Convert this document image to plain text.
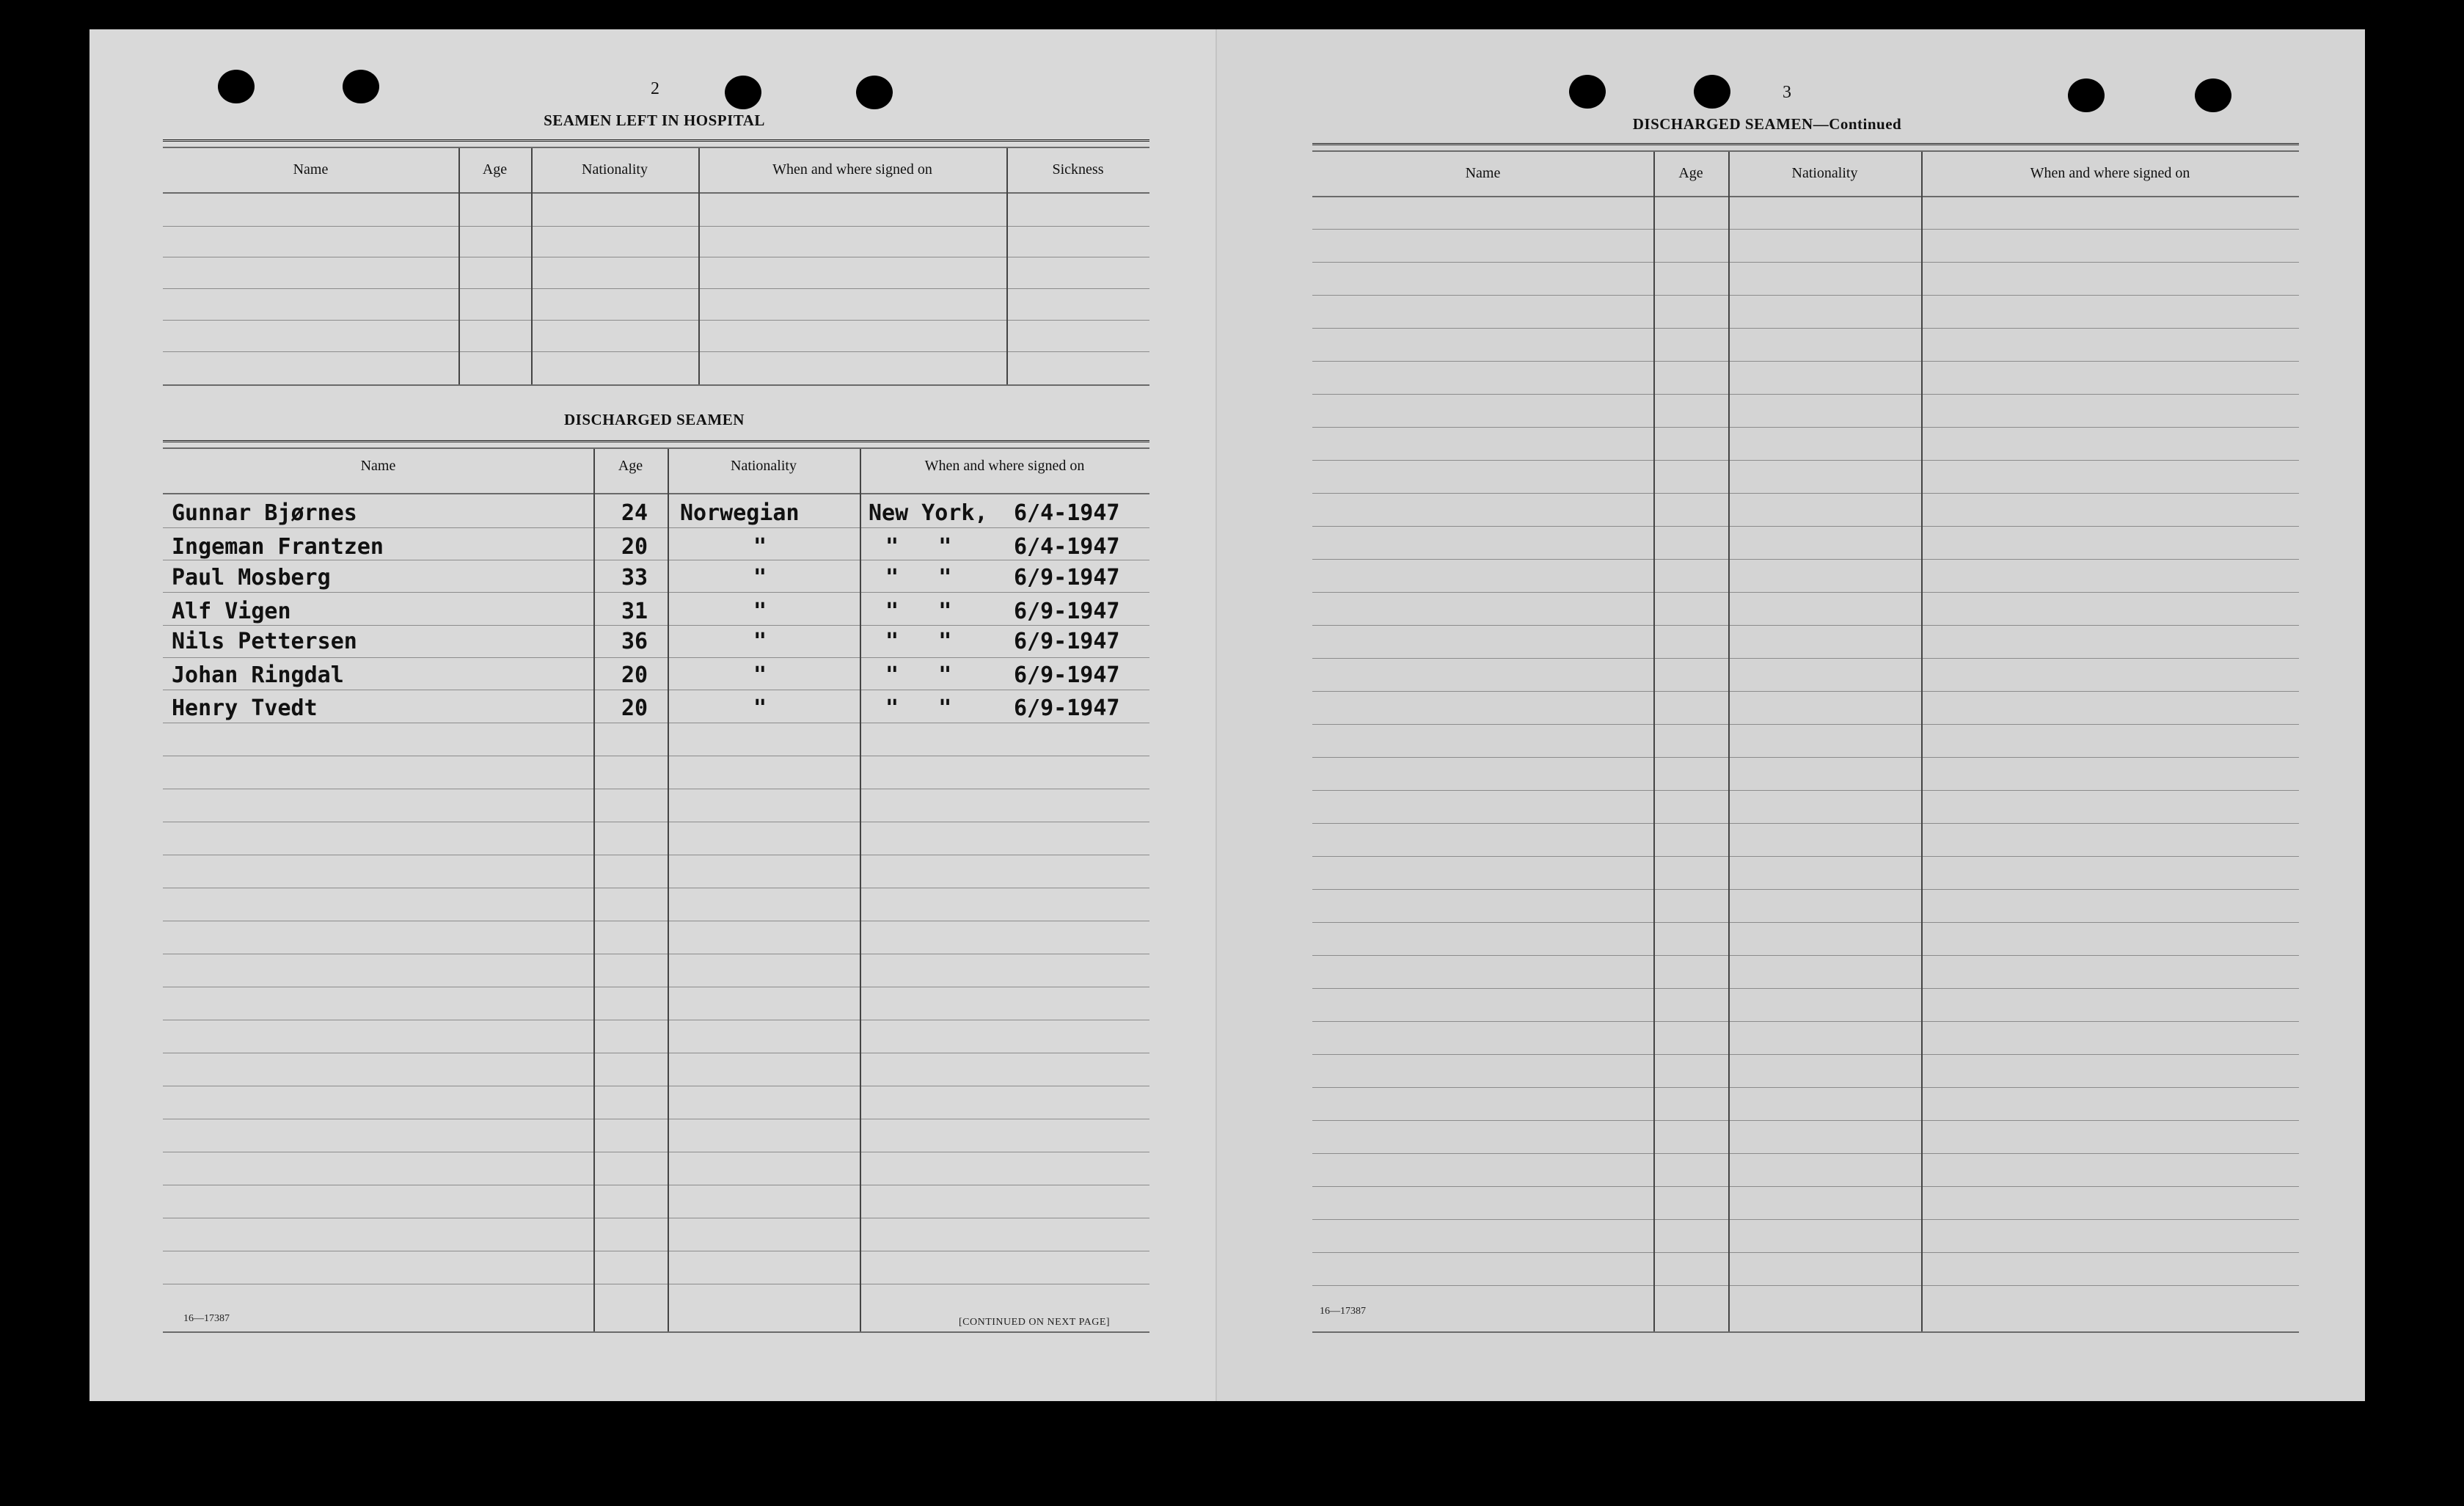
2
SEAMEN LEFT IN HOSPITAL
Name	Age	Nationality	When and where signed on	Sickness
DISCHARGED SEAMEN
Name	Age	Nationality	When and where signed on
Gunnar Bjørnes	24 Norwegian	New York, 6/4-1947
Ingeman Frantzen	20	"	"   "	6/4-1947
Paul Mosberg	33	"	"   "	6/9-1947
Alf Vigen	31	"	"   "	6/9-1947
Nils Pettersen	36	"	"   "	6/9-1947
Johan Ringdal	20	"	"   "	6/9-1947
Henry Tvedt	20	"	"   "	6/9-1947
16—17387	[CONTINUED ON NEXT PAGE]
3
DISCHARGED SEAMEN—Continued
Name	Age	Nationality	When and where signed on
16—17387
